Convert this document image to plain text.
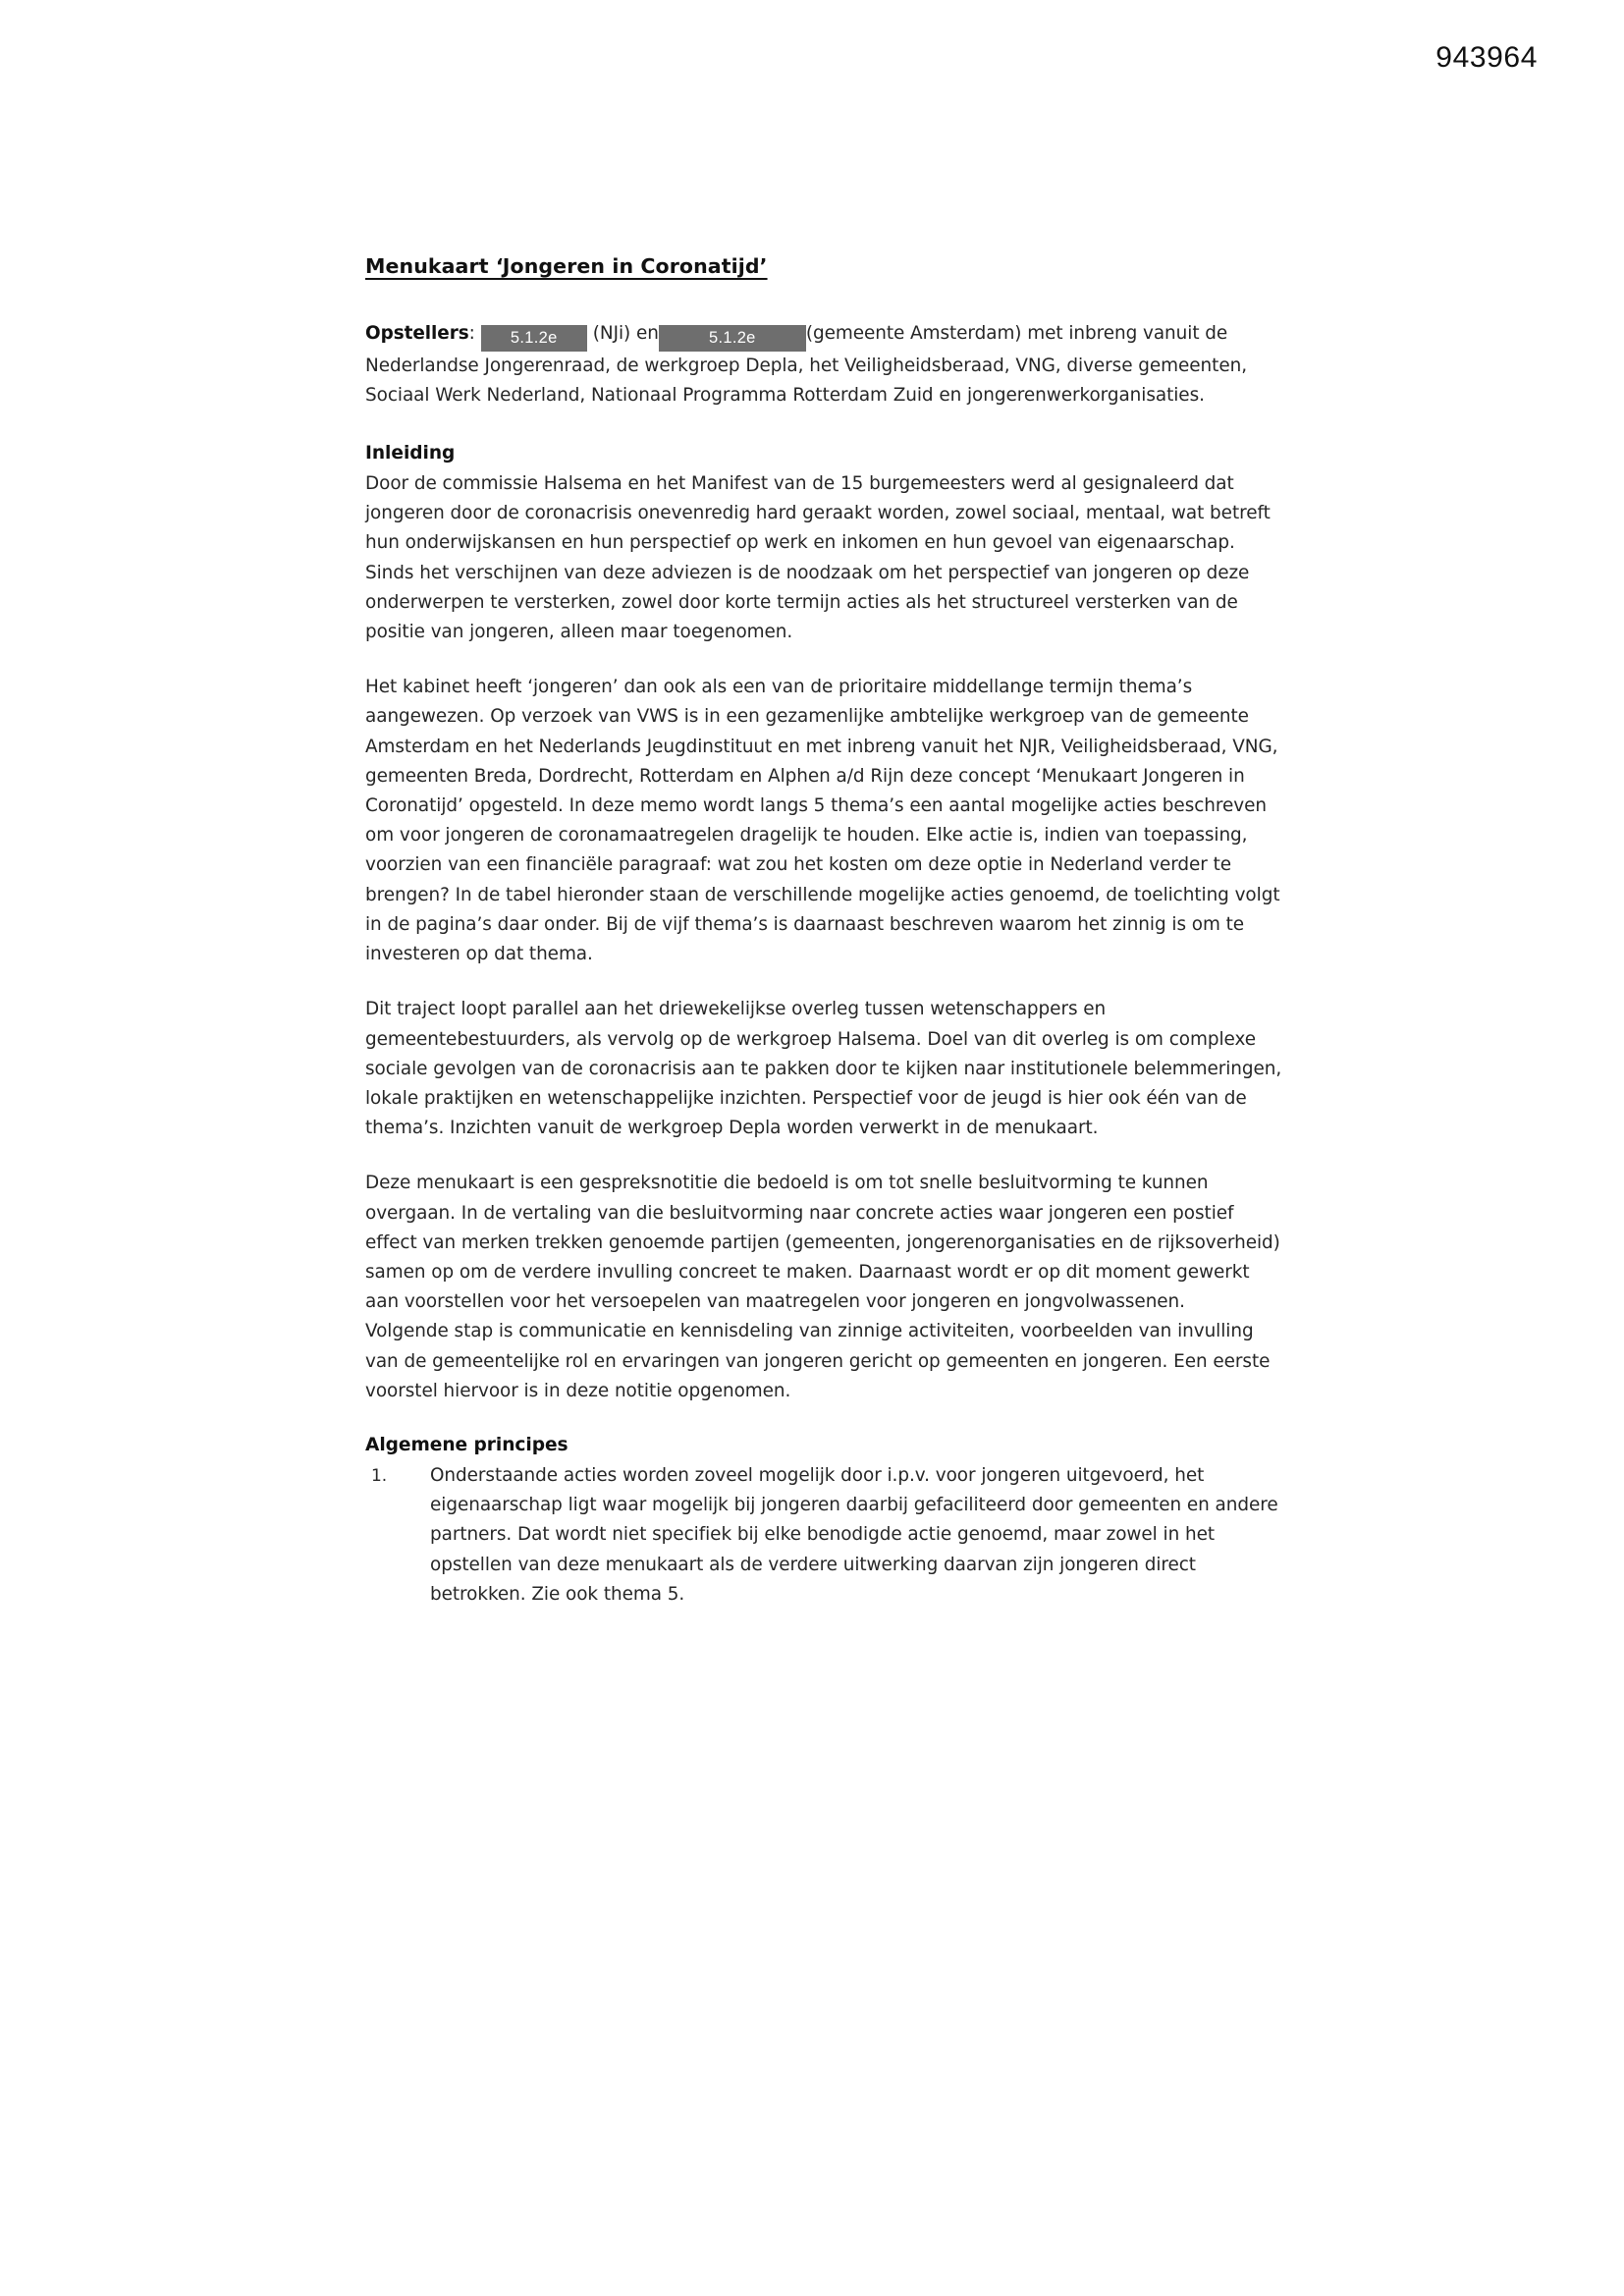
943964
Menukaart ‘Jongeren in Coronatijd’

Opstellers: 5.1.2e (NJi) en	5.1.2e	(gemeente Amsterdam) met inbreng vanuit de Nederlandse Jongerenraad, de werkgroep Depla, het Veiligheidsberaad, VNG, diverse gemeenten, Sociaal Werk Nederland, Nationaal Programma Rotterdam Zuid en jongerenwerkorganisaties.

Inleiding

Door de commissie Halsema en het Manifest van de 15 burgemeesters werd al gesignaleerd dat jongeren door de coronacrisis onevenredig hard geraakt worden, zowel sociaal, mentaal, wat betreft hun onderwijskansen en hun perspectief op werk en inkomen en hun gevoel van eigenaarschap. Sinds het verschijnen van deze adviezen is de noodzaak om het perspectief van jongeren op deze onderwerpen te versterken, zowel door korte termijn acties als het structureel versterken van de positie van jongeren, alleen maar toegenomen.

Het kabinet heeft ‘jongeren’ dan ook als een van de prioritaire middellange termijn thema’s aangewezen. Op verzoek van VWS is in een gezamenlijke ambtelijke werkgroep van de gemeente Amsterdam en het Nederlands Jeugdinstituut en met inbreng vanuit het NJR, Veiligheidsberaad, VNG, gemeenten Breda, Dordrecht, Rotterdam en Alphen a/d Rijn deze concept ‘Menukaart Jongeren in Coronatijd’ opgesteld. In deze memo wordt langs 5 thema’s een aantal mogelijke acties beschreven om voor jongeren de coronamaatregelen dragelijk te houden. Elke actie is, indien van toepassing, voorzien van een financiële paragraaf: wat zou het kosten om deze optie in Nederland verder te brengen? In de tabel hieronder staan de verschillende mogelijke acties genoemd, de toelichting volgt in de pagina’s daar onder. Bij de vijf thema’s is daarnaast beschreven waarom het zinnig is om te investeren op dat thema.

Dit traject loopt parallel aan het driewekelijkse overleg tussen wetenschappers en gemeentebestuurders, als vervolg op de werkgroep Halsema. Doel van dit overleg is om complexe sociale gevolgen van de coronacrisis aan te pakken door te kijken naar institutionele belemmeringen, lokale praktijken en wetenschappelijke inzichten. Perspectief voor de jeugd is hier ook één van de thema’s. Inzichten vanuit de werkgroep Depla worden verwerkt in de menukaart.

Deze menukaart is een gespreksnotitie die bedoeld is om tot snelle besluitvorming te kunnen overgaan. In de vertaling van die besluitvorming naar concrete acties waar jongeren een postief effect van merken trekken genoemde partijen (gemeenten, jongerenorganisaties en de rijksoverheid) samen op om de verdere invulling concreet te maken. Daarnaast wordt er op dit moment gewerkt aan voorstellen voor het versoepelen van maatregelen voor jongeren en jongvolwassenen.

Volgende stap is communicatie en kennisdeling van zinnige activiteiten, voorbeelden van invulling van de gemeentelijke rol en ervaringen van jongeren gericht op gemeenten en jongeren. Een eerste voorstel hiervoor is in deze notitie opgenomen.

Algemene principes
1. Onderstaande acties worden zoveel mogelijk door i.p.v. voor jongeren uitgevoerd, het eigenaarschap ligt waar mogelijk bij jongeren daarbij gefaciliteerd door gemeenten en andere partners. Dat wordt niet specifiek bij elke benodigde actie genoemd, maar zowel in het opstellen van deze menukaart als de verdere uitwerking daarvan zijn jongeren direct betrokken. Zie ook thema 5.
